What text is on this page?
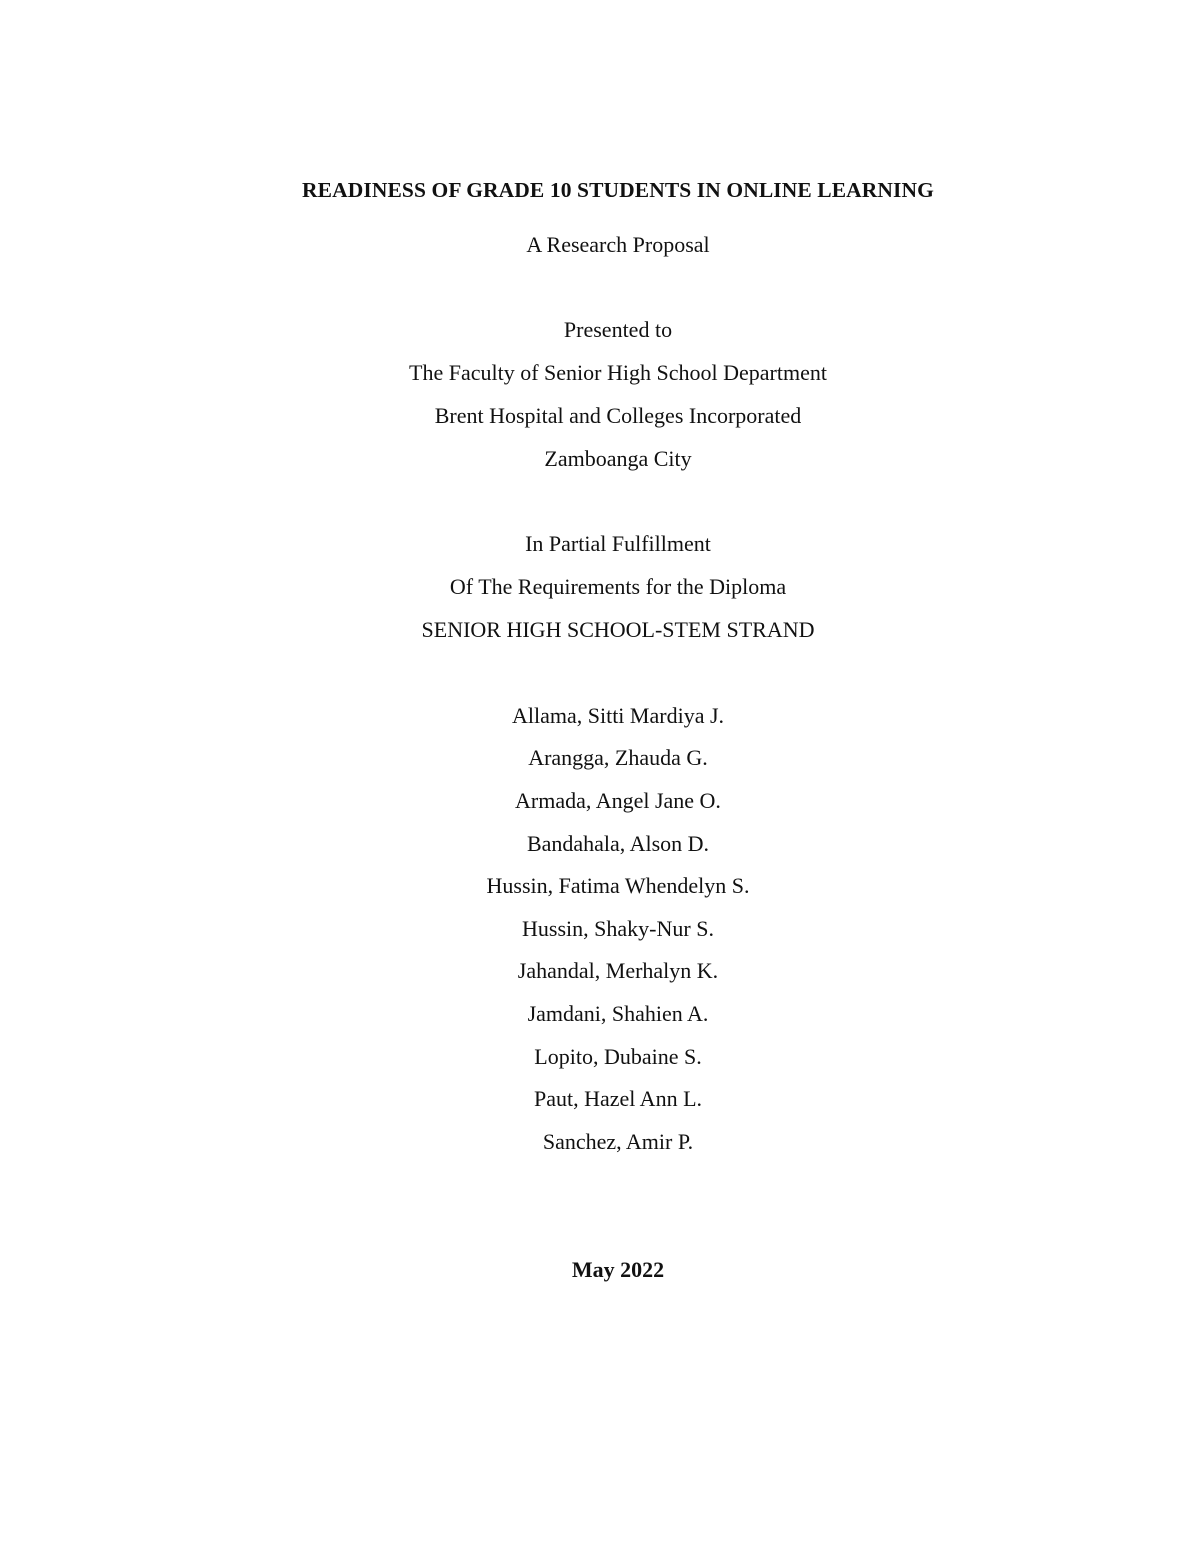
READINESS OF GRADE 10 STUDENTS IN ONLINE LEARNING
A Research Proposal
Presented to
The Faculty of Senior High School Department
Brent Hospital and Colleges Incorporated
Zamboanga City
In Partial Fulfillment
Of The Requirements for the Diploma
SENIOR HIGH SCHOOL-STEM STRAND
Allama, Sitti Mardiya J.
Arangga, Zhauda G.
Armada, Angel Jane O.
Bandahala, Alson D.
Hussin, Fatima Whendelyn S.
Hussin, Shaky-Nur S.
Jahandal, Merhalyn K.
Jamdani, Shahien A.
Lopito, Dubaine S.
Paut, Hazel Ann L.
Sanchez, Amir P.
May 2022
